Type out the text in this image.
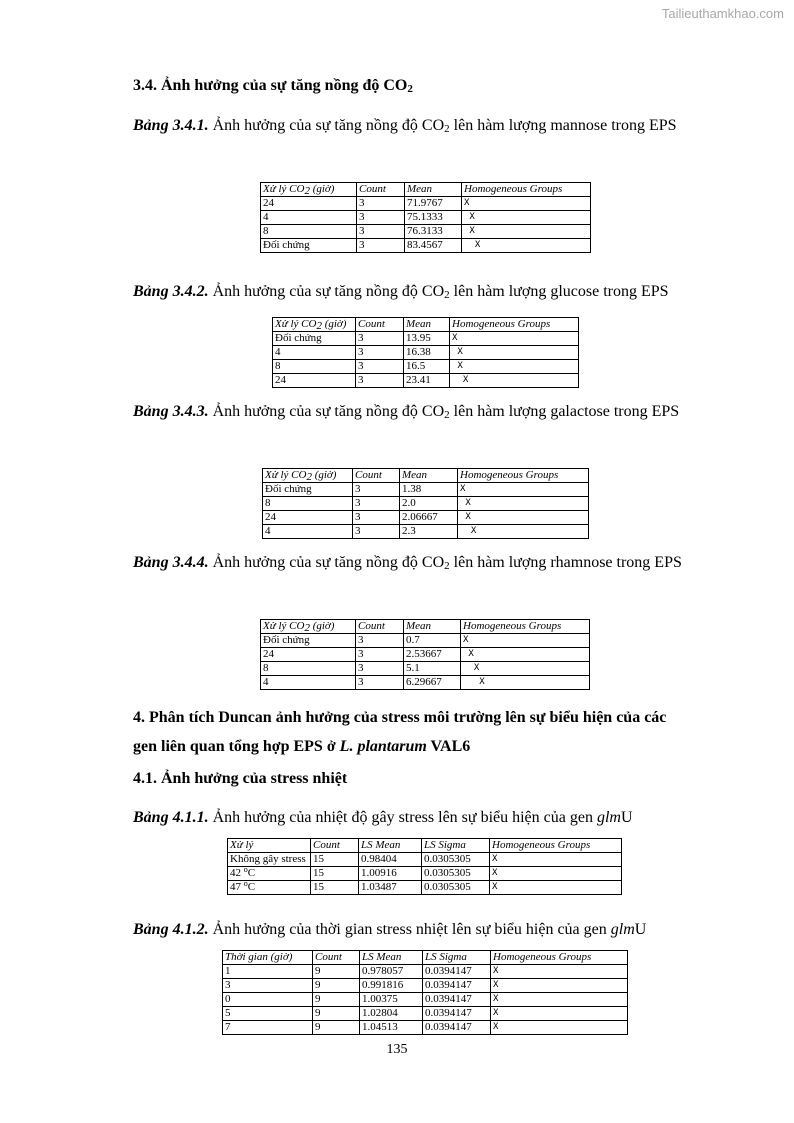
Tailieuthamkhao.com
3.4. Ảnh hưởng của sự tăng nồng độ $CO_2$
Bảng 3.4.1. Ảnh hưởng của sự tăng nồng độ $CO_2$ lên hàm lượng mannose trong EPS
Xử lý $CO_2$ (giờ)	Count	Mean	Homogeneous Groups
24	3	71.9767	X
4	3	75.1333	X
8	3	76.3133	X
Đối chứng	3	83.4567	X
Bảng 3.4.2. Ảnh hưởng của sự tăng nồng độ $CO_2$ lên hàm lượng glucose trong EPS
Xử lý $CO_2$ (giờ)	Count	Mean	Homogeneous Groups
Đối chứng	3	13.95	X
4	3	16.38	X
8	3	16.5	X
24	3	23.41	X
Bảng 3.4.3. Ảnh hưởng của sự tăng nồng độ $CO_2$ lên hàm lượng galactose trong EPS
Xử lý $CO_2$ (giờ)	Count	Mean	Homogeneous Groups
Đối chứng	3	1.38	X
8	3	2.0	X
24	3	2.06667	X
4	3	2.3	X
Bảng 3.4.4. Ảnh hưởng của sự tăng nồng độ $CO_2$ lên hàm lượng rhamnose trong EPS
Xử lý $CO_2$ (giờ)	Count	Mean	Homogeneous Groups
Đối chứng	3	0.7	X
24	3	2.53667	X
8	3	5.1	X
4	3	6.29667	X
4. Phân tích Duncan ảnh hưởng của stress môi trường lên sự biểu hiện của các
gen liên quan tổng hợp EPS ở L. plantarum VAL6
4.1. Ảnh hưởng của stress nhiệt
Bảng 4.1.1. Ảnh hưởng của nhiệt độ gây stress lên sự biểu hiện của gen glmU
Xử lý	Count	LS Mean	LS Sigma	Homogeneous Groups
Không gây stress	15	0.98404	0.0305305	X
42 $^o$C	15	1.00916	0.0305305	X
47 $^o$C	15	1.03487	0.0305305	X
Bảng 4.1.2. Ảnh hưởng của thời gian stress nhiệt lên sự biểu hiện của gen glmU
Thời gian (giờ)	Count	LS Mean	LS Sigma	Homogeneous Groups
1	9	0.978057	0.0394147	X
3	9	0.991816	0.0394147	X
0	9	1.00375	0.0394147	X
5	9	1.02804	0.0394147	X
7	9	1.04513	0.0394147	X
135
